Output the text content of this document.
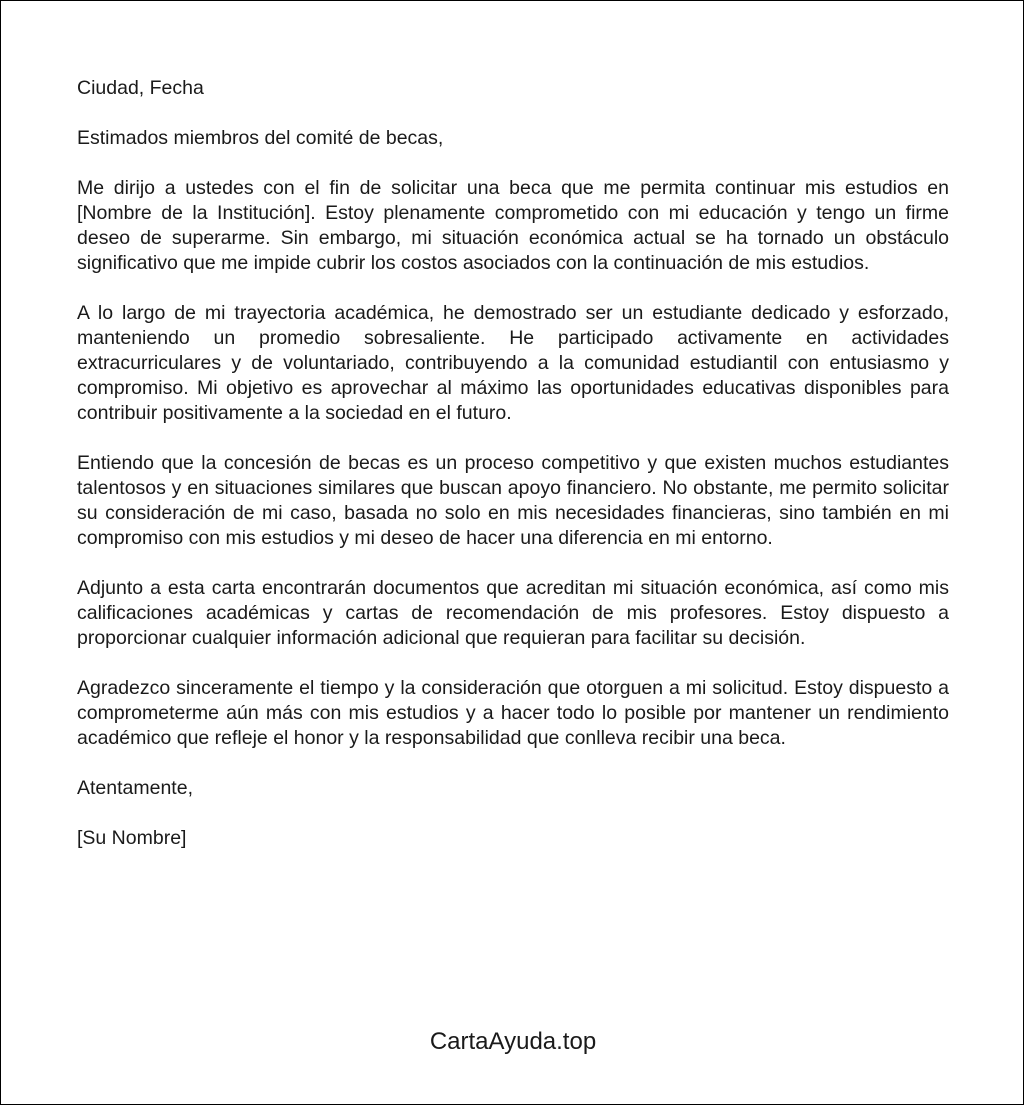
Ciudad, Fecha

Estimados miembros del comité de becas,

Me dirijo a ustedes con el fin de solicitar una beca que me permita continuar mis estudios en [Nombre de la Institución]. Estoy plenamente comprometido con mi educación y tengo un firme deseo de superarme. Sin embargo, mi situación económica actual se ha tornado un obstáculo significativo que me impide cubrir los costos asociados con la continuación de mis estudios.

A lo largo de mi trayectoria académica, he demostrado ser un estudiante dedicado y esforzado, manteniendo un promedio sobresaliente. He participado activamente en actividades extracurriculares y de voluntariado, contribuyendo a la comunidad estudiantil con entusiasmo y compromiso. Mi objetivo es aprovechar al máximo las oportunidades educativas disponibles para contribuir positivamente a la sociedad en el futuro.

Entiendo que la concesión de becas es un proceso competitivo y que existen muchos estudiantes talentosos y en situaciones similares que buscan apoyo financiero. No obstante, me permito solicitar su consideración de mi caso, basada no solo en mis necesidades financieras, sino también en mi compromiso con mis estudios y mi deseo de hacer una diferencia en mi entorno.

Adjunto a esta carta encontrarán documentos que acreditan mi situación económica, así como mis calificaciones académicas y cartas de recomendación de mis profesores. Estoy dispuesto a proporcionar cualquier información adicional que requieran para facilitar su decisión.

Agradezco sinceramente el tiempo y la consideración que otorguen a mi solicitud. Estoy dispuesto a comprometerme aún más con mis estudios y a hacer todo lo posible por mantener un rendimiento académico que refleje el honor y la responsabilidad que conlleva recibir una beca.

Atentamente,

[Su Nombre]

CartaAyuda.top
